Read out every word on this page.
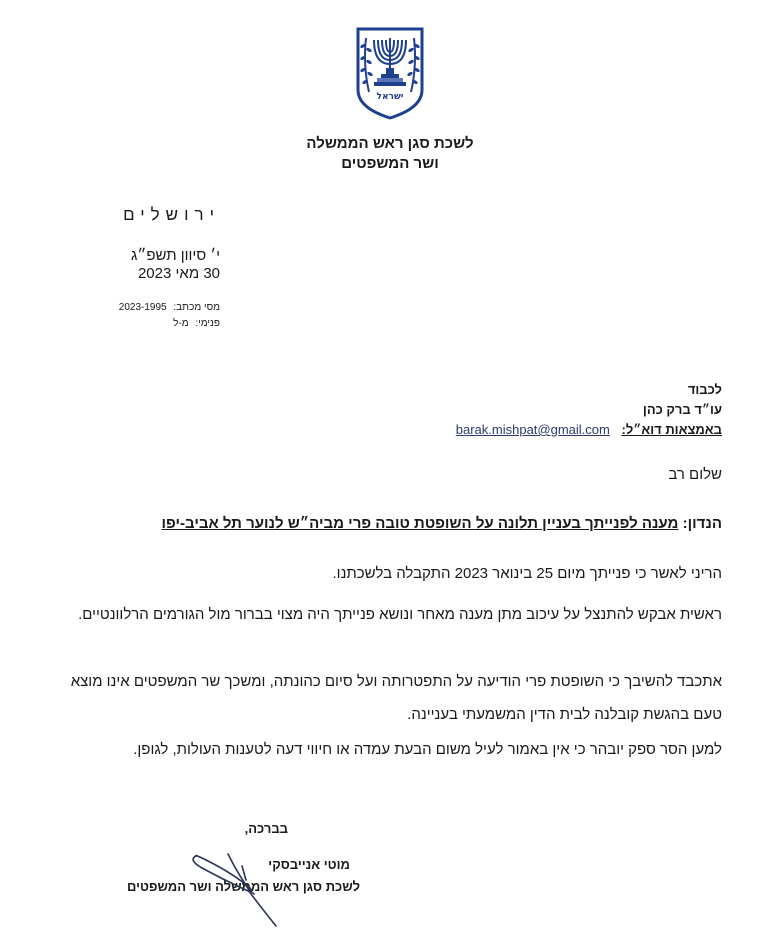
ישראל
לשכת סגן ראש הממשלה
ושר המשפטים
ירושלים
י׳ סיוון תשפ״ג
30 מאי 2023
מסי מכתב: 2023-1995
פנימי: מ-ל
לכבוד
עו״ד ברק כהן
באמצאות דוא״ל: barak.mishpat@gmail.com
שלום רב
הנדון: מענה לפנייתך בעניין תלונה על השופטת טובה פרי מביה״ש לנוער תל אביב-יפו
הריני לאשר כי פנייתך מיום 25 בינואר 2023 התקבלה בלשכתנו.
ראשית אבקש להתנצל על עיכוב מתן מענה מאחר ונושא פנייתך היה מצוי בברור מול הגורמים הרלוונטיים.
אתכבד להשיבך כי השופטת פרי הודיעה על התפטרותה ועל סיום כהונתה, ומשכך שר המשפטים אינו מוצא טעם בהגשת קובלנה לבית הדין המשמעתי בעניינה.
למען הסר ספק יובהר כי אין באמור לעיל משום הבעת עמדה או חיווי דעה לטענות העולות, לגופן.
בברכה,
מוטי אנייבסקי
לשכת סגן ראש הממשלה ושר המשפטים
